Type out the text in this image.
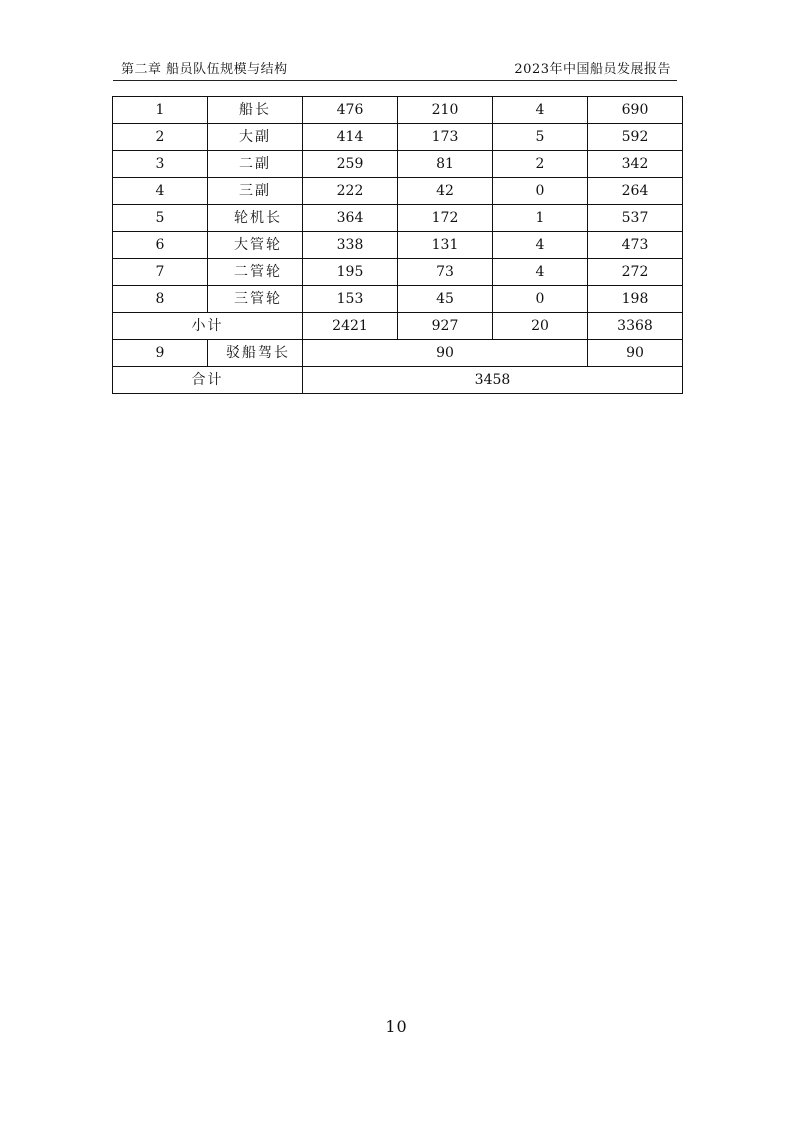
第二章 船员队伍规模与结构	2023年中国船员发展报告
1	船长	476	210	4	690
2	大副	414	173	5	592
3	二副	259	81	2	342
4	三副	222	42	0	264
5	轮机长	364	172	1	537
6	大管轮	338	131	4	473
7	二管轮	195	73	4	272
8	三管轮	153	45	0	198
小计		2421	927	20	3368
9	驳船驾长	90			90
合计		3458			
10
